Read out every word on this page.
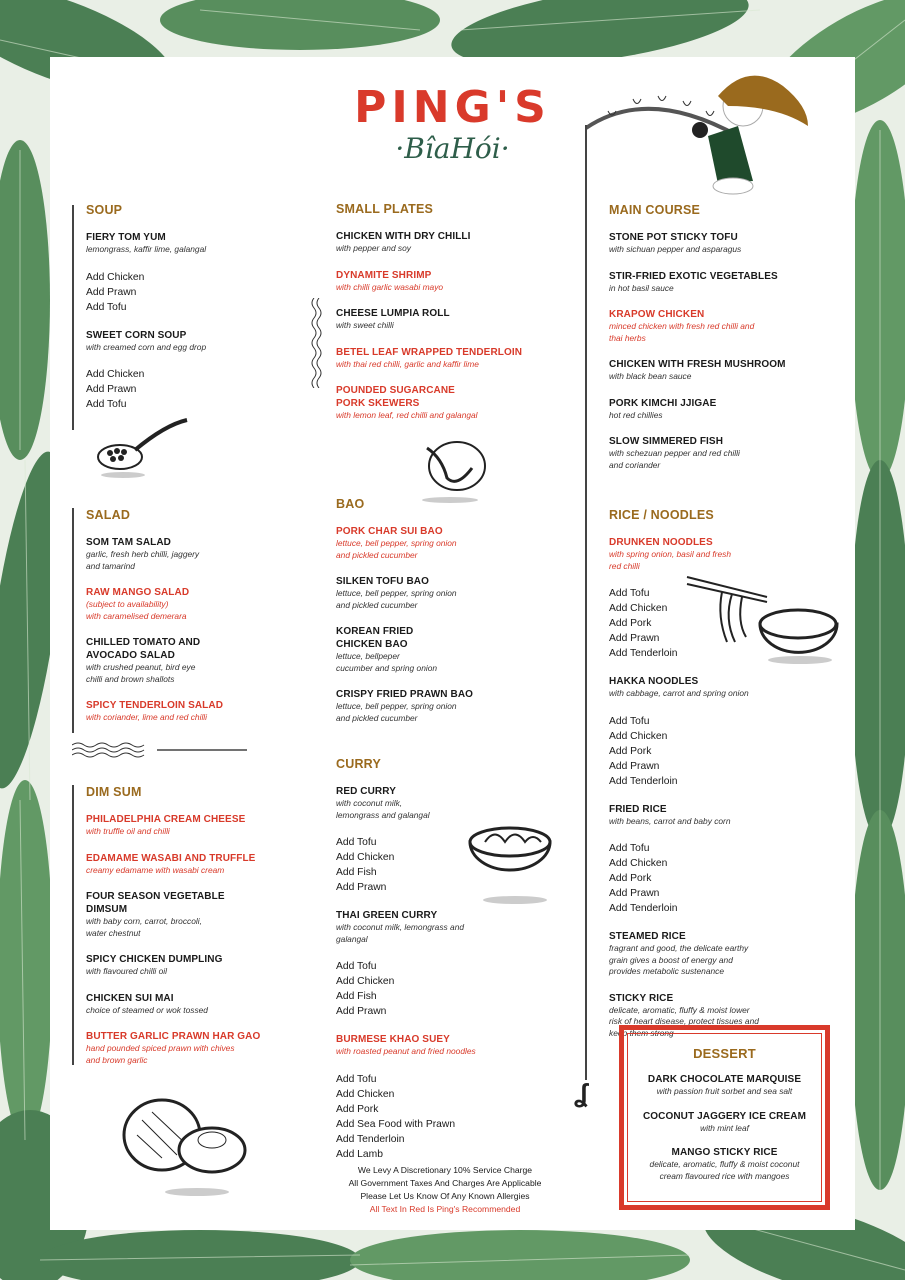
PING'S
·BîaHói·
ʆ
SOUP
FIERY TOM YUM
lemongrass, kaffir lime, galangal
Add Chicken
Add Prawn
Add Tofu
SWEET CORN SOUP
with creamed corn and egg drop
Add Chicken
Add Prawn
Add Tofu
SALAD
SOM TAM SALAD
garlic, fresh herb chilli, jaggery
and tamarind
RAW MANGO SALAD
(subject to availability)
with caramelised demerara
CHILLED TOMATO AND
AVOCADO SALAD
with crushed peanut, bird eye
chilli and brown shallots
SPICY TENDERLOIN SALAD
with coriander, lime and red chilli
DIM SUM
PHILADELPHIA CREAM CHEESE
with truffle oil and chilli
EDAMAME WASABI AND TRUFFLE
creamy edamame with wasabi cream
FOUR SEASON VEGETABLE
DIMSUM
with baby corn, carrot, broccoli,
water chestnut
SPICY CHICKEN DUMPLING
with flavoured chilli oil
CHICKEN SUI MAI
choice of steamed or wok tossed
BUTTER GARLIC PRAWN HAR GAO
hand pounded spiced prawn with chives
and brown garlic
SMALL PLATES
CHICKEN WITH DRY CHILLI
with pepper and soy
DYNAMITE SHRIMP
with chilli garlic wasabi mayo
CHEESE LUMPIA ROLL
with sweet chilli
BETEL LEAF WRAPPED TENDERLOIN
with thai red chilli, garlic and kaffir lime
POUNDED SUGARCANE
PORK SKEWERS
with lemon leaf, red chilli and galangal
BAO
PORK CHAR SUI BAO
lettuce, bell pepper, spring onion
and pickled cucumber
SILKEN TOFU BAO
lettuce, bell pepper, spring onion
and pickled cucumber
KOREAN FRIED
CHICKEN BAO
lettuce, bellpeper
cucumber and spring onion
CRISPY FRIED PRAWN BAO
lettuce, bell pepper, spring onion
and pickled cucumber
CURRY
RED CURRY
with coconut milk,
lemongrass and galangal
Add Tofu
Add Chicken
Add Fish
Add Prawn
THAI GREEN CURRY
with coconut milk, lemongrass and
galangal
Add Tofu
Add Chicken
Add Fish
Add Prawn
BURMESE KHAO SUEY
with roasted peanut and fried noodles
Add Tofu
Add Chicken
Add Pork
Add Sea Food with Prawn
Add Tenderloin
Add Lamb
MAIN COURSE
STONE POT STICKY TOFU
with sichuan pepper and asparagus
STIR-FRIED EXOTIC VEGETABLES
in hot basil sauce
KRAPOW CHICKEN
minced chicken with fresh red chilli and
thai herbs
CHICKEN WITH FRESH MUSHROOM
with black bean sauce
PORK KIMCHI JJIGAE
hot red chillies
SLOW SIMMERED FISH
with schezuan pepper and red chilli
and coriander
RICE / NOODLES
DRUNKEN NOODLES
with spring onion, basil and fresh
red chilli
Add Tofu
Add Chicken
Add Pork
Add Prawn
Add Tenderloin
HAKKA NOODLES
with cabbage, carrot and spring onion
Add Tofu
Add Chicken
Add Pork
Add Prawn
Add Tenderloin
FRIED RICE
with beans, carrot and baby corn
Add Tofu
Add Chicken
Add Pork
Add Prawn
Add Tenderloin
STEAMED RICE
fragrant and good, the delicate earthy
grain gives a boost of energy and
provides metabolic sustenance
STICKY RICE
delicate, aromatic, fluffy & moist lower
risk of heart disease, protect tissues and
keep them strong
DESSERT
DARK CHOCOLATE MARQUISE
with passion fruit sorbet and sea salt
COCONUT JAGGERY ICE CREAM
with mint leaf
MANGO STICKY RICE
delicate, aromatic, fluffy & moist coconut
cream flavoured rice with mangoes
We Levy A Discretionary 10% Service Charge
All Government Taxes And Charges Are Applicable
Please Let Us Know Of Any Known Allergies
All Text In Red Is Ping's Recommended
